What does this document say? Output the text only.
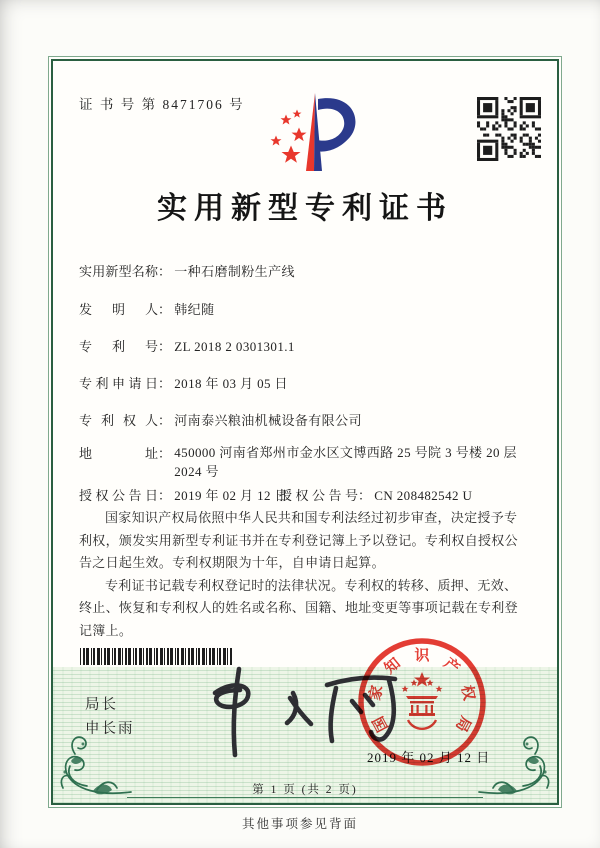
证 书 号 第 8471706 号
实用新型专利证书
实用新型名称： 一种石磨制粉生产线
发明人： 韩纪随
专利号： ZL 2018 2 0301301.1
专利申请日： 2018 年 03 月 05 日
专利权人： 河南泰兴粮油机械设备有限公司
地址： 450000 河南省郑州市金水区文博西路 25 号院 3 号楼 20 层 2024 号
授权公告日： 2019 年 02 月 12 日
授权公告号： CN 208482542 U

国家知识产权局依照中华人民共和国专利法经过初步审查，决定授予专利权，颁发实用新型专利证书并在专利登记簿上予以登记。专利权自授权公告之日起生效。专利权期限为十年，自申请日起算。

专利证书记载专利权登记时的法律状况。专利权的转移、质押、无效、终止、恢复和专利权人的姓名或名称、国籍、地址变更等事项记载在专利登记簿上。

局长
申长雨
2019 年 02 月 12 日
国
家
知 识 产
权
局
第 1 页 (共 2 页)
其他事项参见背面
